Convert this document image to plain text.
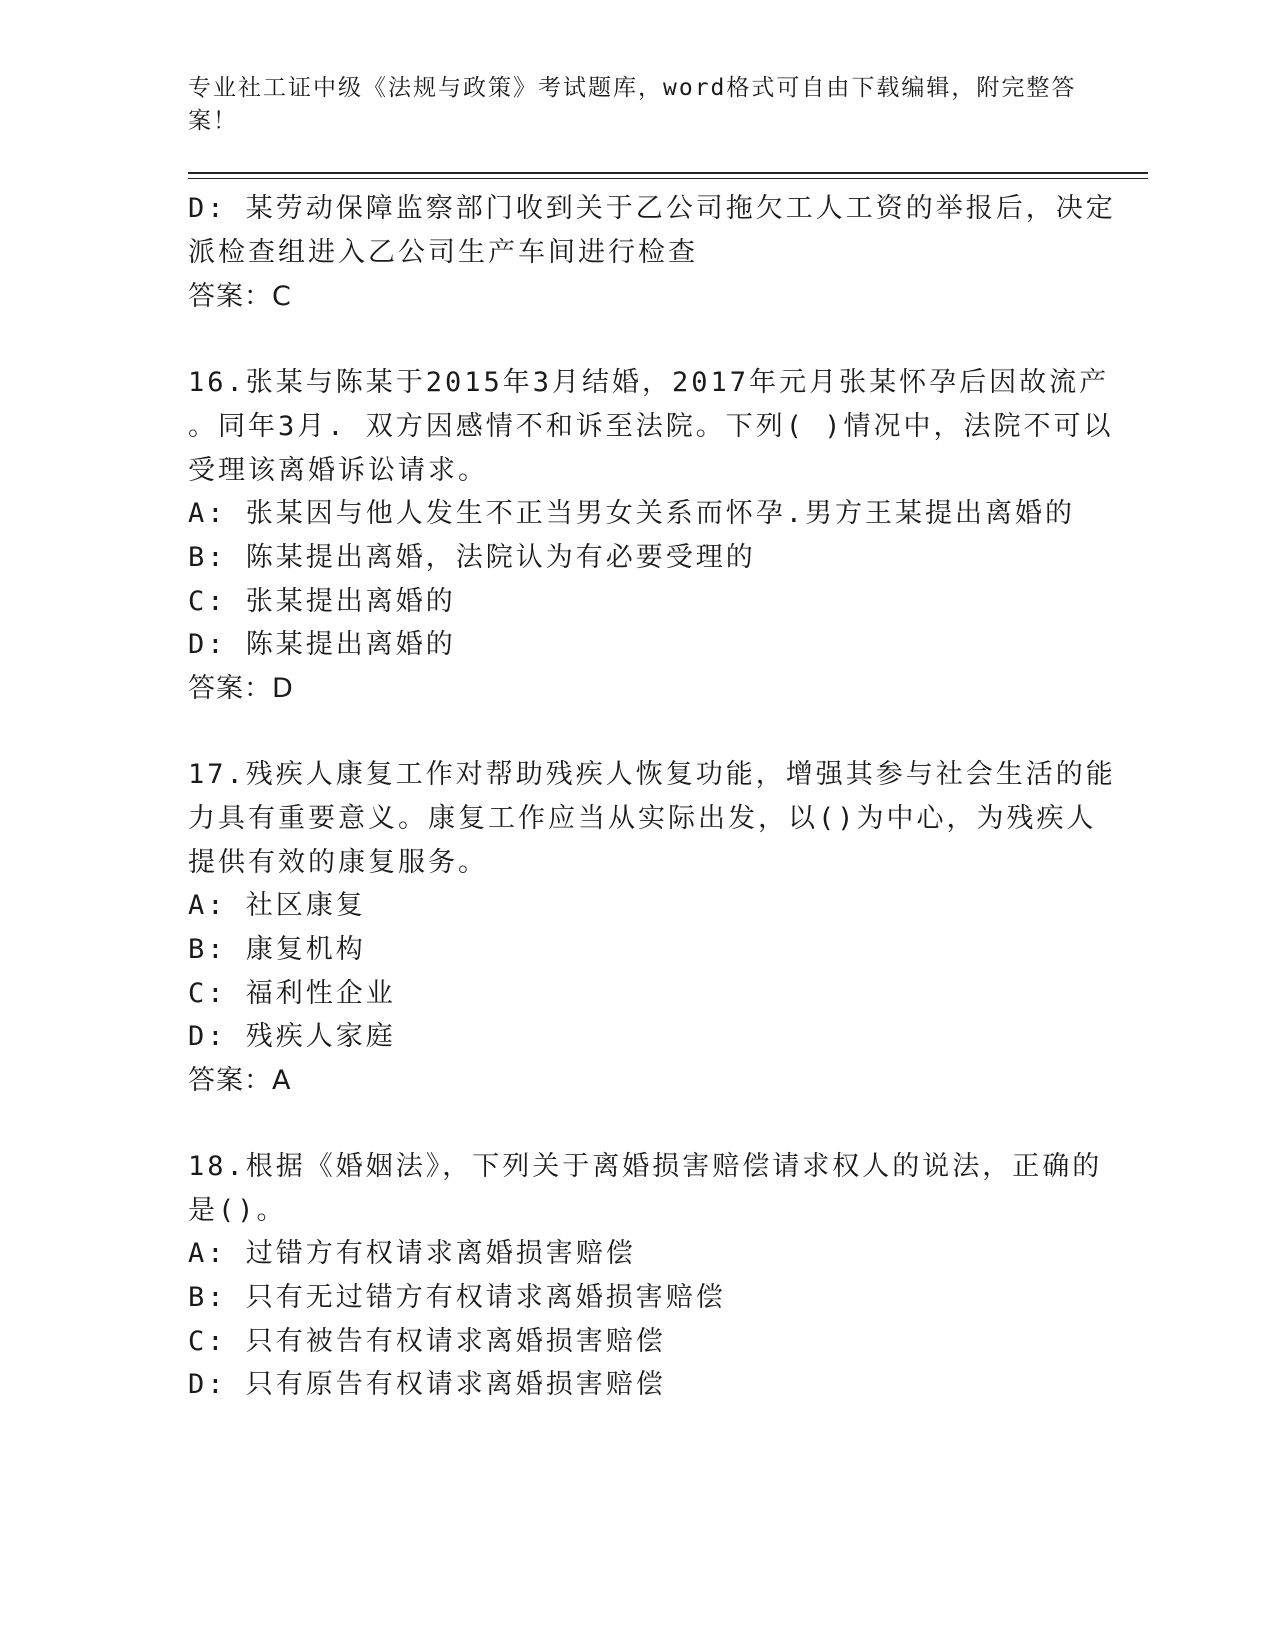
专业社工证中级《法规与政策》考试题库，word格式可自由下载编辑，附完整答
案！
D: 某劳动保障监察部门收到关于乙公司拖欠工人工资的举报后，决定
派检查组进入乙公司生产车间进行检查
答案：C
16.张某与陈某于2015年3月结婚，2017年元月张某怀孕后因故流产
。同年3月. 双方因感情不和诉至法院。下列( )情况中，法院不可以
受理该离婚诉讼请求。
A: 张某因与他人发生不正当男女关系而怀孕.男方王某提出离婚的
B: 陈某提出离婚，法院认为有必要受理的
C: 张某提出离婚的
D: 陈某提出离婚的
答案：D
17.残疾人康复工作对帮助残疾人恢复功能，增强其参与社会生活的能
力具有重要意义。康复工作应当从实际出发，以()为中心，为残疾人
提供有效的康复服务。
A: 社区康复
B: 康复机构
C: 福利性企业
D: 残疾人家庭
答案：A
18.根据《婚姻法》，下列关于离婚损害赔偿请求权人的说法，正确的
是()。
A: 过错方有权请求离婚损害赔偿
B: 只有无过错方有权请求离婚损害赔偿
C: 只有被告有权请求离婚损害赔偿
D: 只有原告有权请求离婚损害赔偿
